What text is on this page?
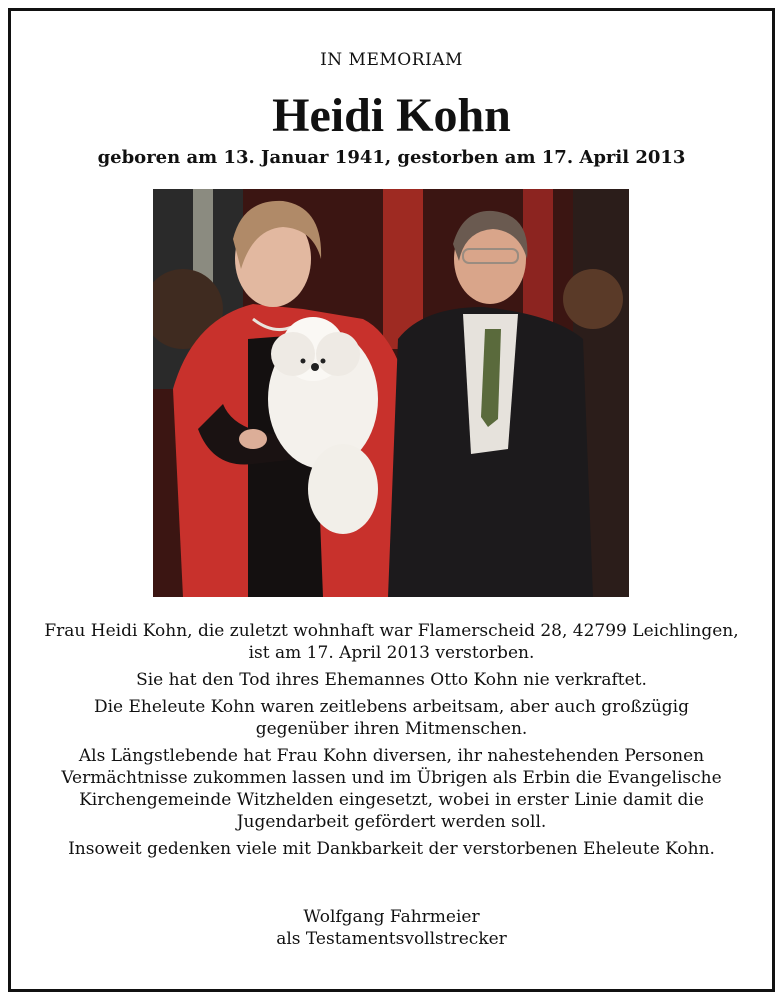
IN MEMORIAM
Heidi Kohn
geboren am 13. Januar 1941, gestorben am 17. April 2013

Frau Heidi Kohn, die zuletzt wohnhaft war Flamerscheid 28, 42799 Leichlingen,
ist am 17. April 2013 verstorben.

Sie hat den Tod ihres Ehemannes Otto Kohn nie verkraftet.

Die Eheleute Kohn waren zeitlebens arbeitsam, aber auch großzügig
gegenüber ihren Mitmenschen.

Als Längstlebende hat Frau Kohn diversen, ihr nahestehenden Personen
Vermächtnisse zukommen lassen und im Übrigen als Erbin die Evangelische
Kirchengemeinde Witzhelden eingesetzt, wobei in erster Linie damit die
Jugendarbeit gefördert werden soll.

Insoweit gedenken viele mit Dankbarkeit der verstorbenen Eheleute Kohn.

Wolfgang Fahrmeier
als Testamentsvollstrecker
